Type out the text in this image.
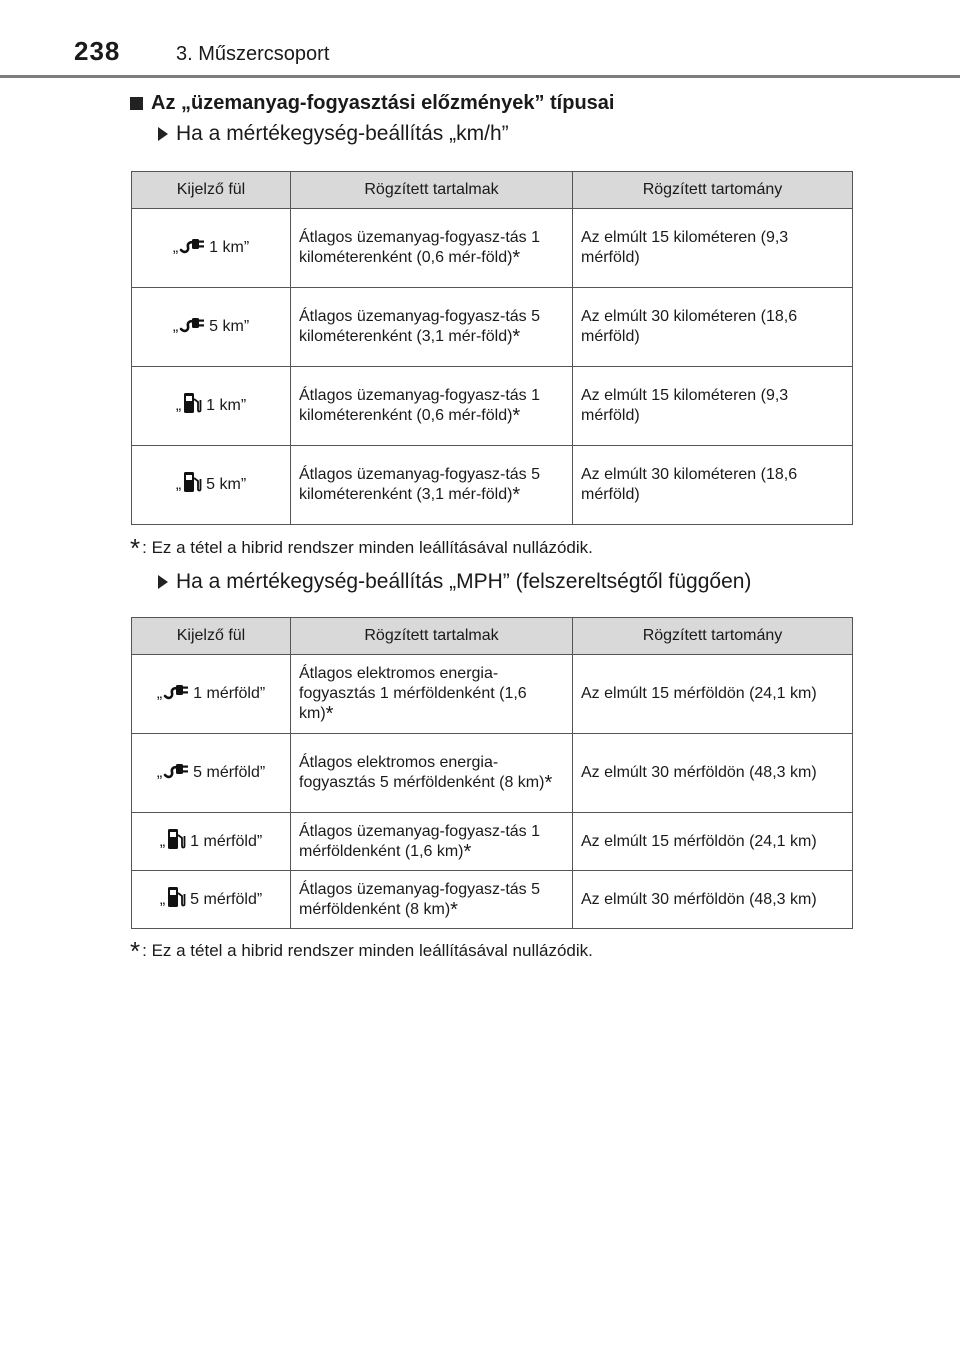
238	3. Műszercsoport
Az „üzemanyag-fogyasztási előzmények” típusai
Ha a mértékegység-beállítás „km/h”
Kijelző fül	Rögzített tartalmak	Rögzített tartomány
„ 1 km”	Átlagos üzemanyag-fogyasz-tás 1 kilométerenként (0,6 mér-föld)*	Az elmúlt 15 kilométeren (9,3 mérföld)
„ 5 km”	Átlagos üzemanyag-fogyasz-tás 5 kilométerenként (3,1 mér-föld)*	Az elmúlt 30 kilométeren (18,6 mérföld)
„ 1 km”	Átlagos üzemanyag-fogyasz-tás 1 kilométerenként (0,6 mér-föld)*	Az elmúlt 15 kilométeren (9,3 mérföld)
„ 5 km”	Átlagos üzemanyag-fogyasz-tás 5 kilométerenként (3,1 mér-föld)*	Az elmúlt 30 kilométeren (18,6 mérföld)
* : Ez a tétel a hibrid rendszer minden leállításával nullázódik.
Ha a mértékegység-beállítás „MPH” (felszereltségtől függően)
Kijelző fül	Rögzített tartalmak	Rögzített tartomány
„ 1 mérföld”	Átlagos elektromos energia-fogyasztás 1 mérföldenként (1,6 km)*	Az elmúlt 15 mérföldön (24,1 km)
„ 5 mérföld”	Átlagos elektromos energia-fogyasztás 5 mérföldenként (8 km)*	Az elmúlt 30 mérföldön (48,3 km)
„ 1 mérföld”	Átlagos üzemanyag-fogyasz-tás 1 mérföldenként (1,6 km)*	Az elmúlt 15 mérföldön (24,1 km)
„ 5 mérföld”	Átlagos üzemanyag-fogyasz-tás 5 mérföldenként (8 km)*	Az elmúlt 30 mérföldön (48,3 km)
* : Ez a tétel a hibrid rendszer minden leállításával nullázódik.
